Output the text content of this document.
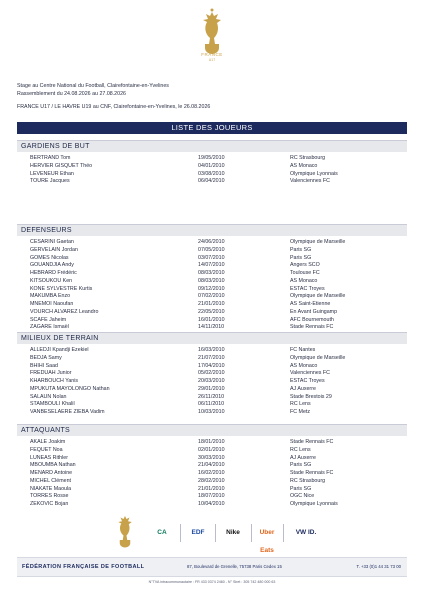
FRANCE
U17
Stage au Centre National du Football, Clairefontaine-en-Yvelines
Rassemblement du 24.08.2026 au 27.08.2026
FRANCE U17 / LE HAVRE U19 au CNF, Clairefontaine-en-Yvelines, le 26.08.2026
LISTE DES JOUEURS
GARDIENS DE BUT
BERTRAND Tom	19/05/2010	RC Strasbourg
HERVIER GISQUET Théo	04/01/2010	AS Monaco
LEVENEUR Ethan	03/08/2010	Olympique Lyonnais
TOURE Jacques	06/04/2010	Valenciennes FC
DEFENSEURS
CESARINI Gaetan	24/06/2010	Olympique de Marseille
GERVELAIN Jordan	07/05/2010	Paris SG
GOMES Nicolas	03/07/2010	Paris SG
GOUANDJIA Andy	14/07/2010	Angers SCO
HEBRARD Frédéric	08/03/2010	Toulouse FC
KITSOUKOU Ken	08/03/2010	AS Monaco
KONE SYLVESTRE Kurtis	09/12/2010	ESTAC Troyes
MAKUMBA Enzo	07/02/2010	Olympique de Marseille
MNEMOI Naoufan	21/01/2010	AS Saint-Etienne
VOURCH ALVAREZ Leandro	22/05/2010	En Avant Guingamp
SCAFE Jaheim	16/01/2010	AFC Bournemouth
ZAGARE Ismaël	14/11/2010	Stade Rennais FC
MILIEUX DE TERRAIN
ALLEDJI Kpandji Ezekiel	16/03/2010	FC Nantes
BEDJA Samy	21/07/2010	Olympique de Marseille
BHIHI Saad	17/04/2010	AS Monaco
FREDUAH Junior	05/02/2010	Valenciennes FC
KHARBOUCH Yanis	20/03/2010	ESTAC Troyes
MPUKUTA MAYOLONGO Nathan	29/01/2010	AJ Auxerre
SALAUN Nolan	26/11/2010	Stade Brestois 29
STAMBOULI Khalil	06/11/2010	RC Lens
VANBESELAERE ZIEBA Vadim	10/03/2010	FC Metz
ATTAQUANTS
AKALE Joakim	18/01/2010	Stade Rennais FC
FEQUET Noa	02/01/2010	RC Lens
LUNEAS Rithler	30/03/2010	AJ Auxerre
MBOUMBA Nathan	21/04/2010	Paris SG
MENARD Antoine	16/02/2010	Stade Rennais FC
MICHEL Clément	28/02/2010	RC Strasbourg
NIAKATE Maoula	21/01/2010	Paris SG
TORRES Rosse	18/07/2010	OGC Nice
ZEKOVIC Bojan	10/04/2010	Olympique Lyonnais
CA	EDF	Nike	Uber Eats
VW ID.
FÉDÉRATION FRANÇAISE DE FOOTBALL	87, Boulevard de Grenelle, 75738 Paris Cedex 15	T. +33 (0)1 44 31 73 00
N°TVA intracommunautaire : FR 433 0374 2460 - N° Siret : 305 742 480 000 63
